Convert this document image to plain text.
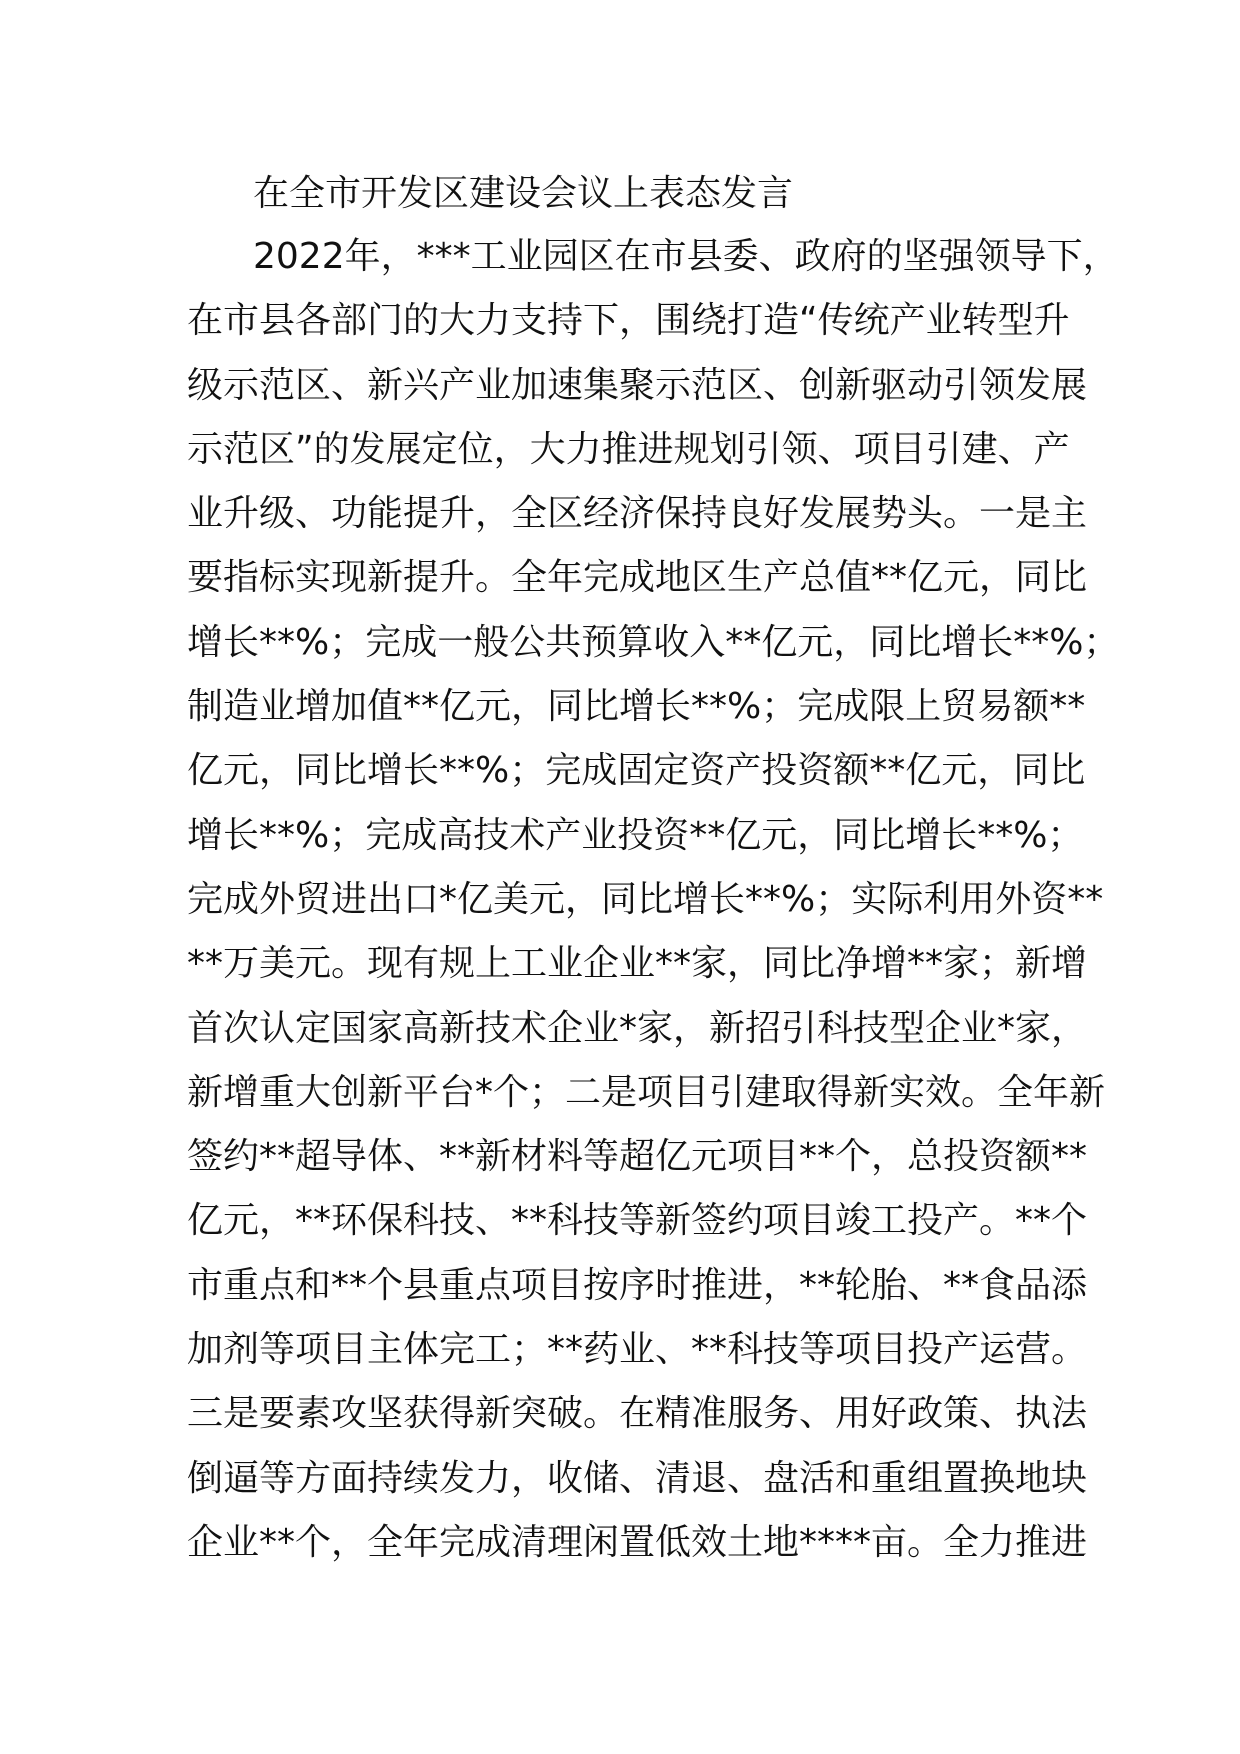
在全市开发区建设会议上表态发言
2022年，***工业园区在市县委、政府的坚强领导下，
在市县各部门的大力支持下，围绕打造“传统产业转型升
级示范区、新兴产业加速集聚示范区、创新驱动引领发展
示范区”的发展定位，大力推进规划引领、项目引建、产
业升级、功能提升，全区经济保持良好发展势头。一是主
要指标实现新提升。全年完成地区生产总值**亿元，同比
增长**%；完成一般公共预算收入**亿元，同比增长**%；
制造业增加值**亿元，同比增长**%；完成限上贸易额**
亿元，同比增长**%；完成固定资产投资额**亿元，同比
增长**%；完成高技术产业投资**亿元，同比增长**%；
完成外贸进出口*亿美元，同比增长**%；实际利用外资**
**万美元。现有规上工业企业**家，同比净增**家；新增
首次认定国家高新技术企业*家，新招引科技型企业*家，
新增重大创新平台*个；二是项目引建取得新实效。全年新
签约**超导体、**新材料等超亿元项目**个，总投资额**
亿元，**环保科技、**科技等新签约项目竣工投产。**个
市重点和**个县重点项目按序时推进，**轮胎、**食品添
加剂等项目主体完工；**药业、**科技等项目投产运营。
三是要素攻坚获得新突破。在精准服务、用好政策、执法
倒逼等方面持续发力，收储、清退、盘活和重组置换地块
企业**个，全年完成清理闲置低效土地****亩。全力推进
